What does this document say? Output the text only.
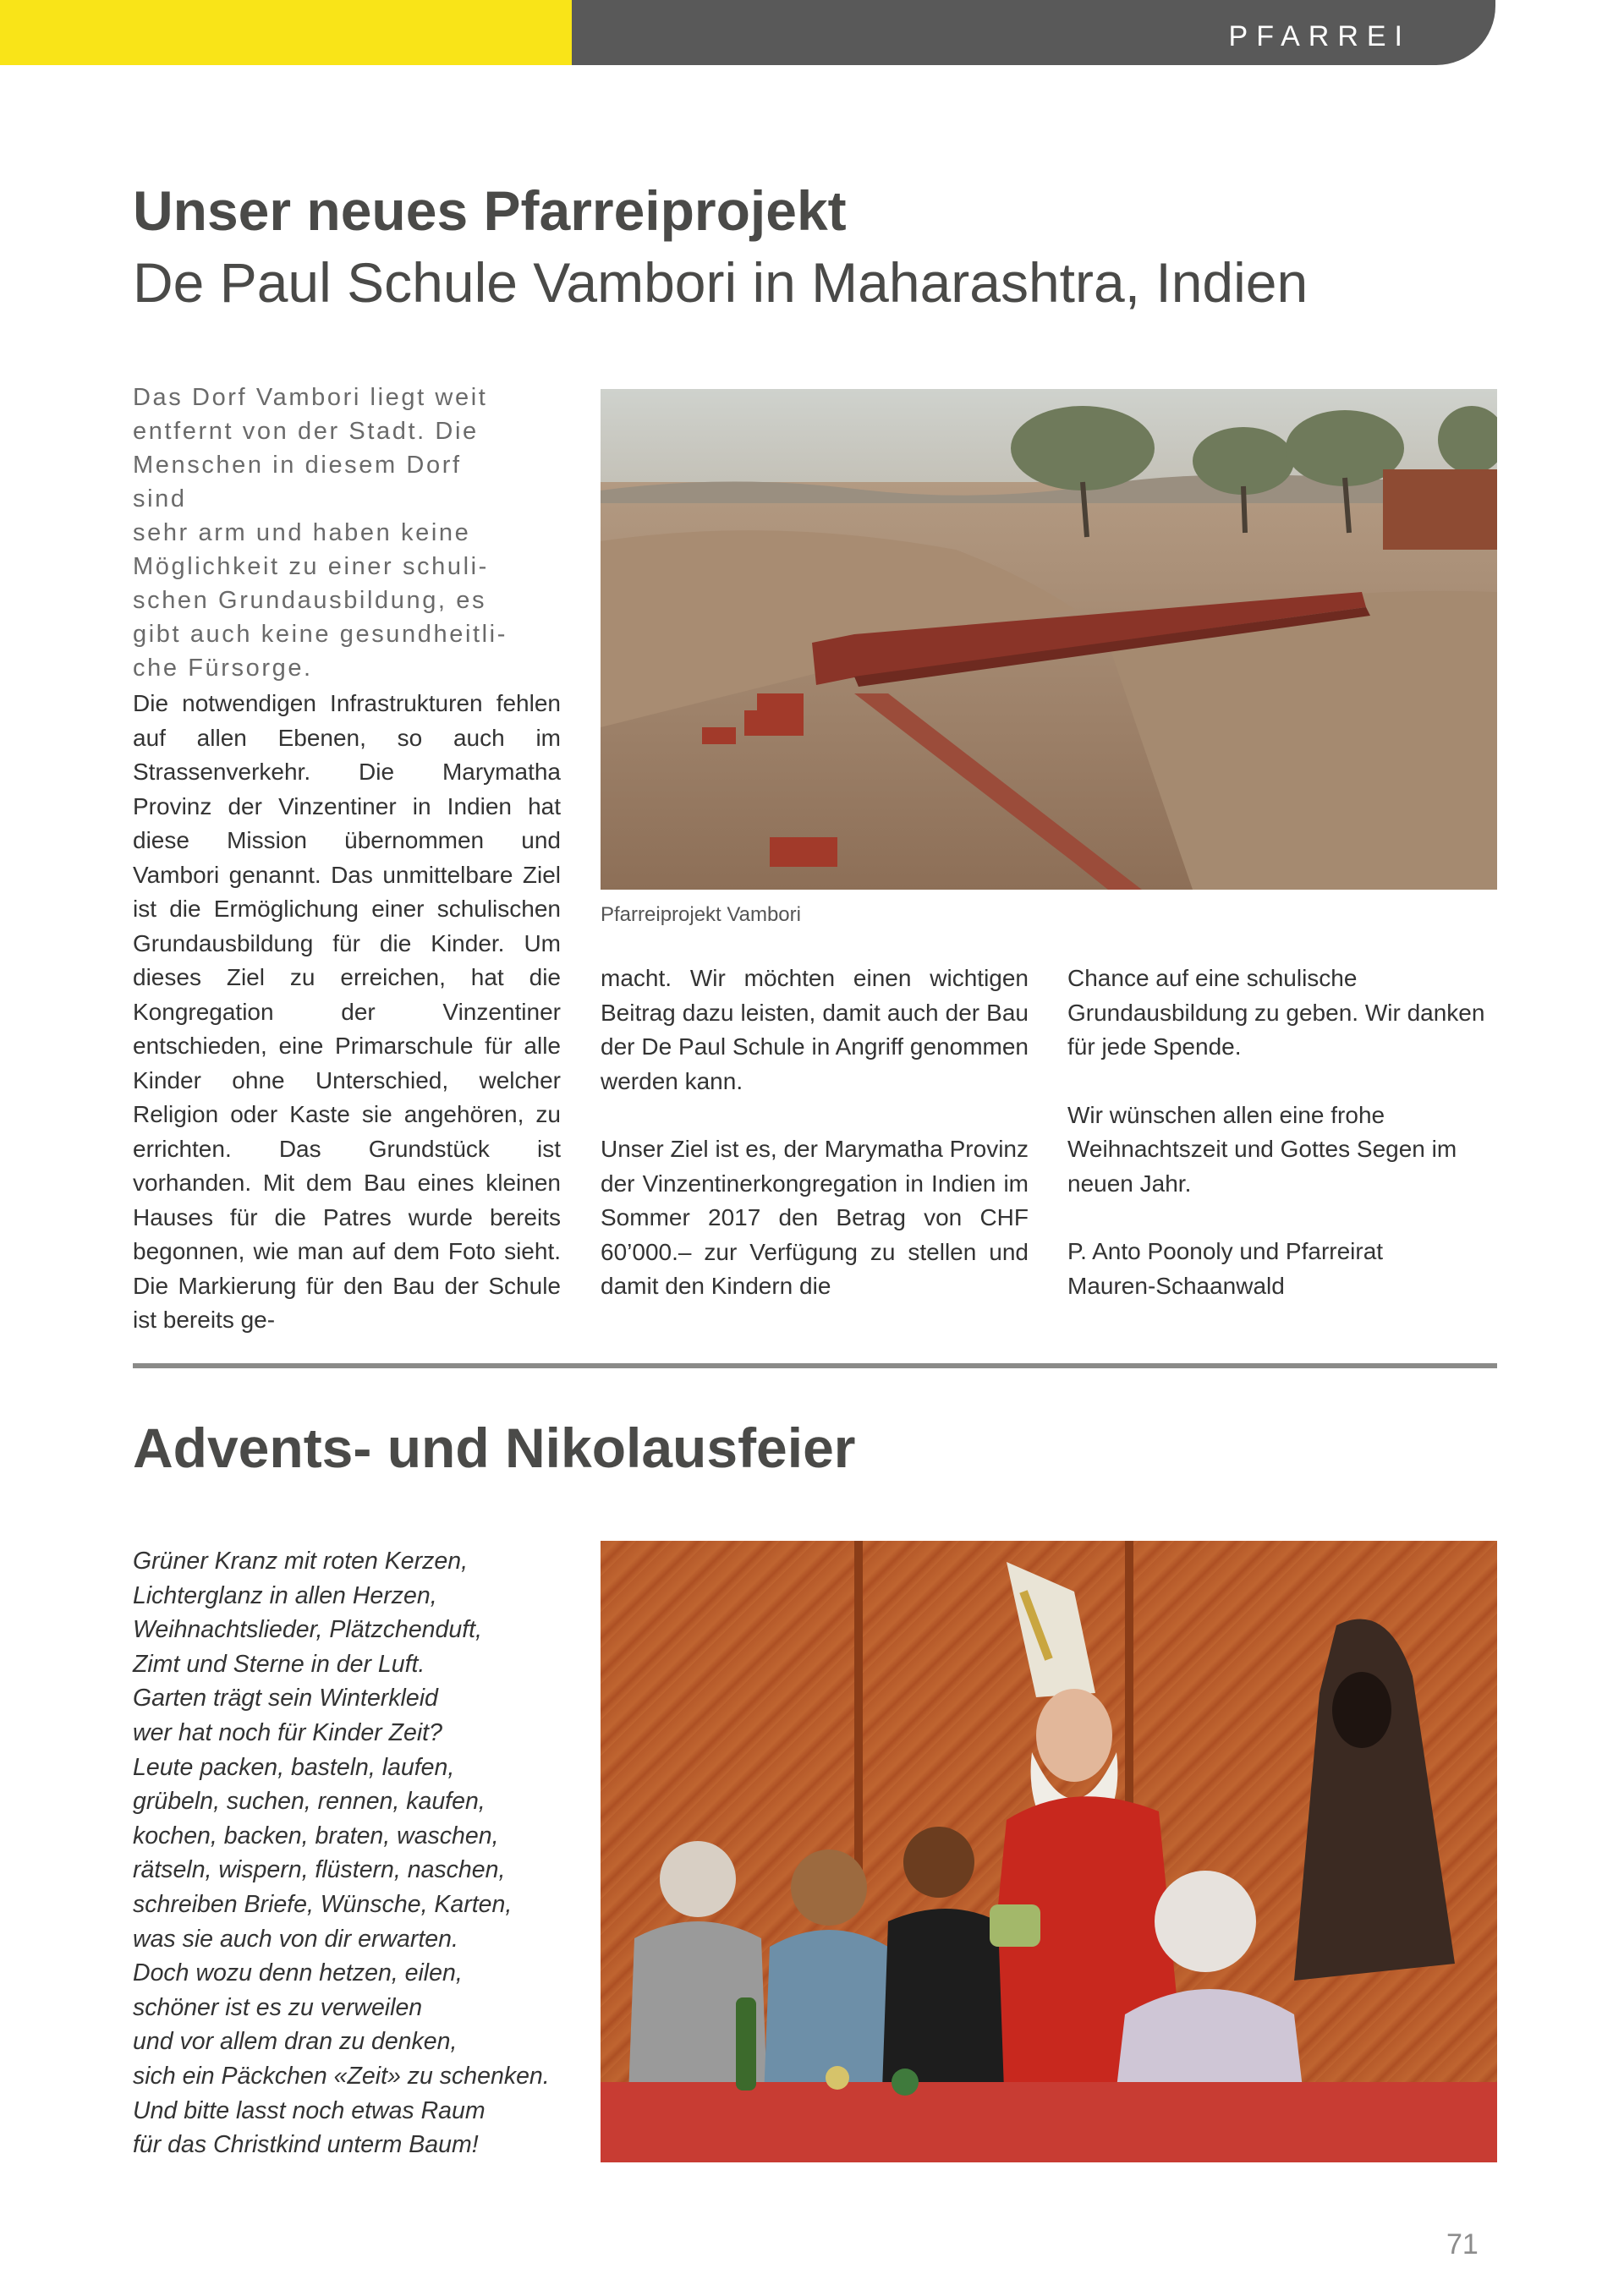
PFARREI
Unser neues Pfarreiprojekt
De Paul Schule Vambori in Maharashtra, Indien
Das Dorf Vambori liegt weit
entfernt von der Stadt. Die
Menschen in diesem Dorf sind
sehr arm und haben keine
Möglichkeit zu einer schuli-
schen Grundausbildung, es
gibt auch keine gesundheitli-
che Fürsorge.

Die notwendigen Infrastrukturen fehlen auf allen Ebenen, so auch im Strassenverkehr. Die Marymatha Provinz der Vinzentiner in Indien hat diese Mission übernommen und Vambori genannt. Das unmittelbare Ziel ist die Ermöglichung einer schulischen Grundausbildung für die Kinder. Um dieses Ziel zu erreichen, hat die Kongregation der Vinzentiner entschieden, eine Primarschule für alle Kinder ohne Unterschied, welcher Religion oder Kaste sie angehören, zu errichten. Das Grundstück ist vorhanden. Mit dem Bau eines kleinen Hauses für die Patres wurde bereits begonnen, wie man auf dem Foto sieht. Die Markierung für den Bau der Schule ist bereits ge-

Pfarreiprojekt Vambori

macht. Wir möchten einen wichtigen Beitrag dazu leisten, damit auch der Bau der De Paul Schule in Angriff genommen werden kann.

Unser Ziel ist es, der Marymatha Provinz der Vinzentinerkongregation in Indien im Sommer 2017 den Betrag von CHF 60’000.– zur Verfügung zu stellen und damit den Kindern die

Chance auf eine schulische Grundausbildung zu geben. Wir danken für jede Spende.

Wir wünschen allen eine frohe Weihnachtszeit und Gottes Segen im neuen Jahr.

P. Anto Poonoly und Pfarreirat
Mauren-Schaanwald

Advents- und Nikolausfeier
Grüner Kranz mit roten Kerzen,
Lichterglanz in allen Herzen,
Weihnachtslieder, Plätzchenduft,
Zimt und Sterne in der Luft.
Garten trägt sein Winterkleid
wer hat noch für Kinder Zeit?
Leute packen, basteln, laufen,
grübeln, suchen, rennen, kaufen,
kochen, backen, braten, waschen,
rätseln, wispern, flüstern, naschen,
schreiben Briefe, Wünsche, Karten,
was sie auch von dir erwarten.
Doch wozu denn hetzen, eilen,
schöner ist es zu verweilen
und vor allem dran zu denken,
sich ein Päckchen «Zeit» zu schenken.
Und bitte lasst noch etwas Raum
für das Christkind unterm Baum!
71
